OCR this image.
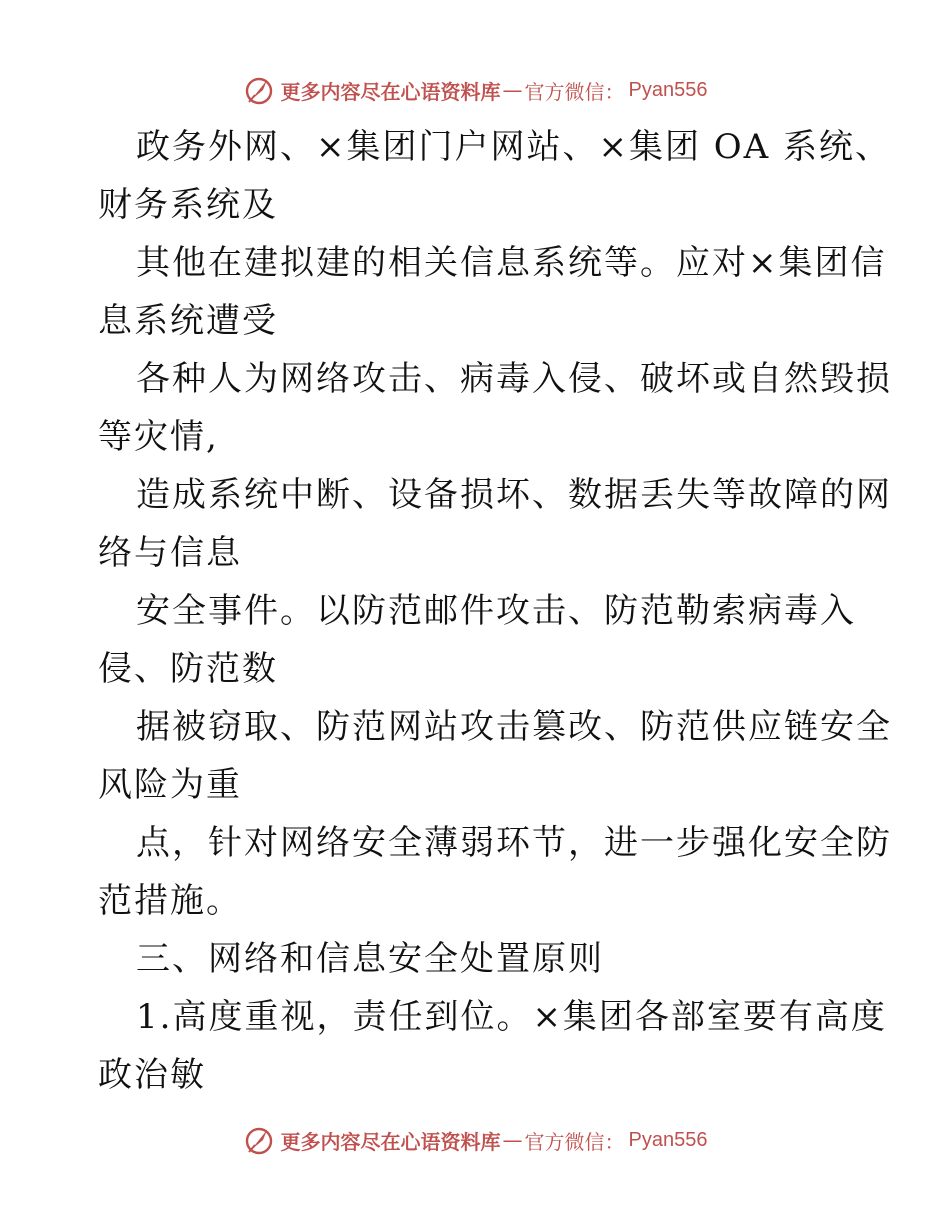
更多内容尽在心语资料库 — 官方微信： Pyan556
政务外网、×集团门户网站、×集团 OA 系统、
财务系统及
其他在建拟建的相关信息系统等。应对×集团信
息系统遭受
各种人为网络攻击、病毒入侵、破坏或自然毁损
等灾情,
造成系统中断、设备损坏、数据丢失等故障的网
络与信息
安全事件。以防范邮件攻击、防范勒索病毒入
侵、防范数
据被窃取、防范网站攻击篡改、防范供应链安全
风险为重
点，针对网络安全薄弱环节，进一步强化安全防
范措施。
三、网络和信息安全处置原则
1.高度重视，责任到位。×集团各部室要有高度
政治敏
更多内容尽在心语资料库 — 官方微信： Pyan556
